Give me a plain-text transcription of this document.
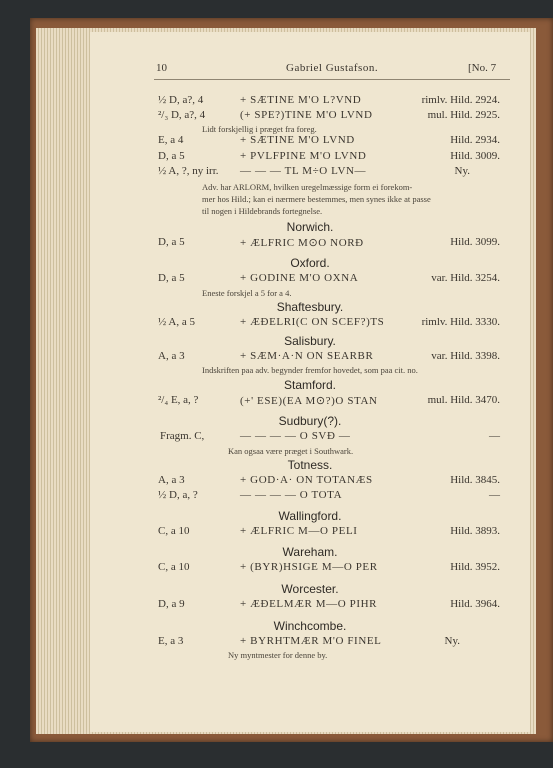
10	Gabriel Gustafson.	[No. 7
½ D, a?, 4	+ SÆTINE M'O L?VND	rimlv. Hild. 2924.
²/₃ D, a?, 4	(+ SPE?)TINE M'O LVND	mul. Hild. 2925.
Lidt forskjellig i præget fra foreg.
E, a 4	+ SÆTINE M'O LVND	Hild. 2934.
D, a 5	+ PVLFPINE M'O LVND	Hild. 3009.
½ A, ?, ny irr. — — — TL M÷O LVN—	Ny.
Adv. har ARLORM, hvilken uregelmæssige form ei forekom-
mer hos Hild.; kan ei nærmere bestemmes, men synes ikke at passe
til nogen i Hildebrands fortegnelse.
Norwich.
D, a 5	+ ÆLFRIC M⊙O NORÐ	Hild. 3099.
Oxford.
D, a 5	+ GODINE M'O OXNA	var. Hild. 3254.
Eneste forskjel a 5 for a 4.
Shaftesbury.
½ A, a 5	+ ÆÐELRI(C ON SCEF?)TS	rimlv. Hild. 3330.
Salisbury.
A, a 3	+ SÆM·A·N ON SEARBR	var. Hild. 3398.
Indskriften paa adv. begynder fremfor hovedet, som paa cit. no.
Stamford.
²/₄ E, a, ?	(+' ESE)(EA M⊙?)O STAN	mul. Hild. 3470.
Sudbury(?).
Fragm. C,	— — — — O SVÐ —	—
Kan ogsaa være præget i Southwark.
Totness.
A, a 3	+ GOD·A· ON TOTANÆS	Hild. 3845.
½ D, a, ?	— — — — O TOTA	—
Wallingford.
C, a 10	+ ÆLFRIC M—O PELI	Hild. 3893.
Wareham.
C, a 10	+ (BYR)HSIGE M—O PER	Hild. 3952.
Worcester.
D, a 9	+ ÆÐELMÆR M—O PIHR	Hild. 3964.
Winchcombe.
E, a 3	+ BYRHTMÆR M'O FINEL	Ny.
Ny myntmester for denne by.
